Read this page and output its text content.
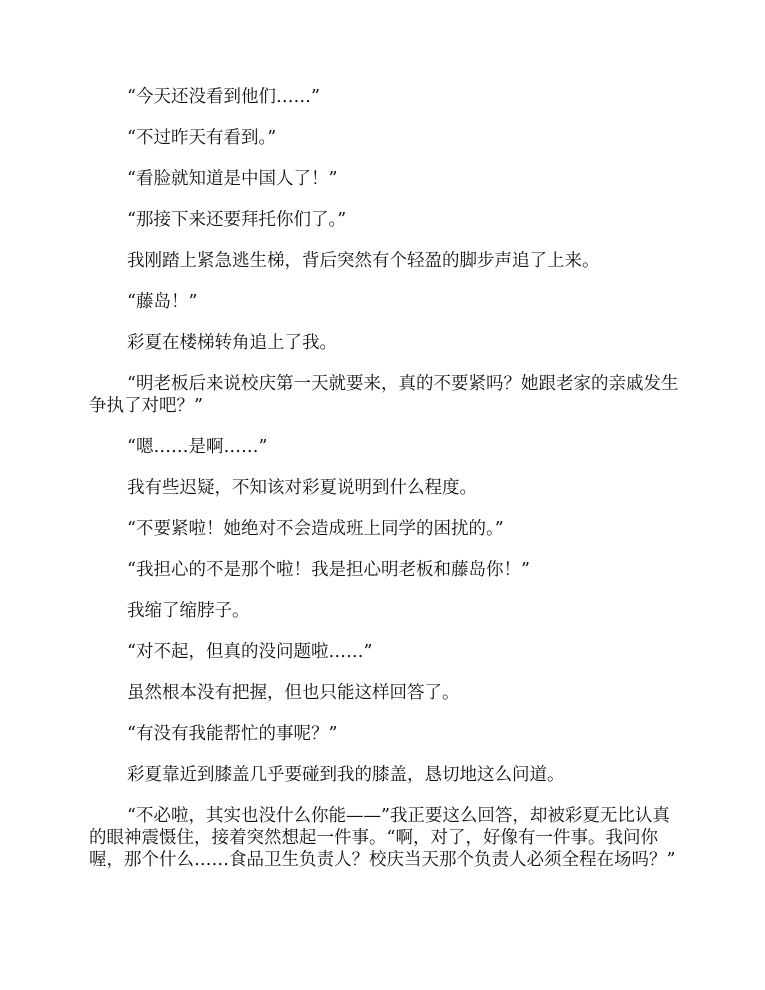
“今天还没看到他们……”

“不过昨天有看到。”

“看脸就知道是中国人了！”

“那接下来还要拜托你们了。”

我刚踏上紧急逃生梯，背后突然有个轻盈的脚步声追了上来。

“藤岛！”

彩夏在楼梯转角追上了我。

“明老板后来说校庆第一天就要来，真的不要紧吗？她跟老家的亲戚发生争执了对吧？”

“嗯……是啊……”

我有些迟疑，不知该对彩夏说明到什么程度。

“不要紧啦！她绝对不会造成班上同学的困扰的。”

“我担心的不是那个啦！我是担心明老板和藤岛你！”

我缩了缩脖子。

“对不起，但真的没问题啦……”

虽然根本没有把握，但也只能这样回答了。

“有没有我能帮忙的事呢？”

彩夏靠近到膝盖几乎要碰到我的膝盖，恳切地这么问道。

“不必啦，其实也没什么你能——”我正要这么回答，却被彩夏无比认真的眼神震慑住，接着突然想起一件事。“啊，对了，好像有一件事。我问你喔，那个什么……食品卫生负责人？校庆当天那个负责人必须全程在场吗？”
